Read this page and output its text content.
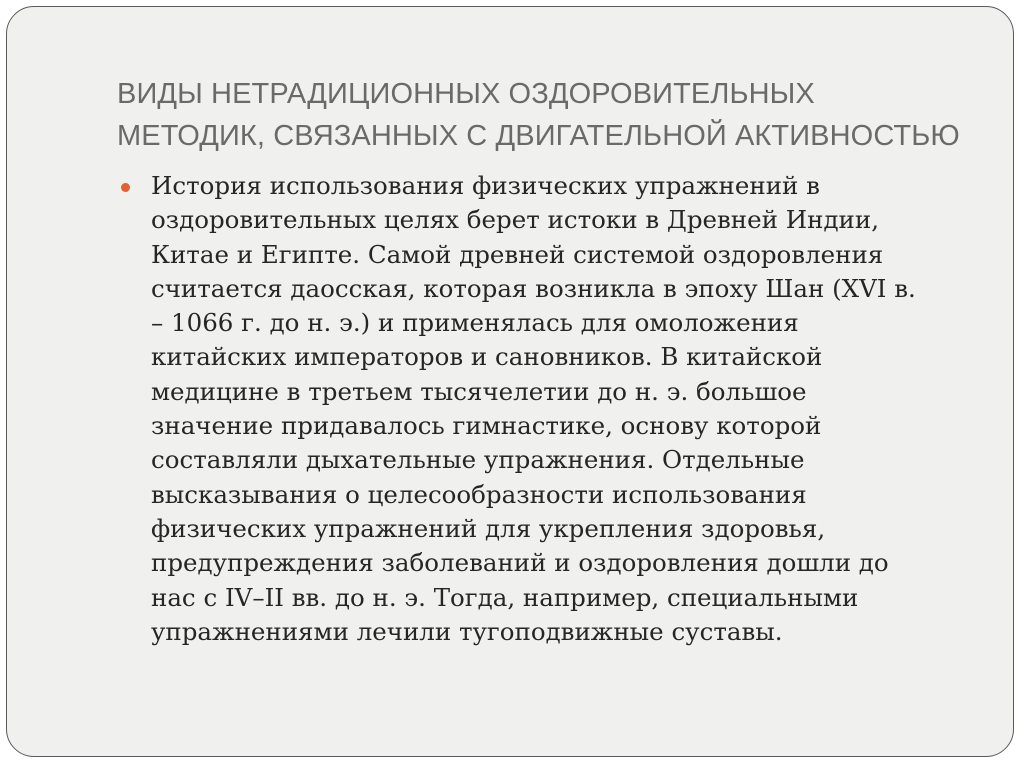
ВИДЫ НЕТРАДИЦИОННЫХ ОЗДОРОВИТЕЛЬНЫХ
МЕТОДИК, СВЯЗАННЫХ С ДВИГАТЕЛЬНОЙ АКТИВНОСТЬЮ
История использования физических упражнений в
оздоровительных целях берет истоки в Древней Индии,
Китае и Египте. Самой древней системой оздоровления
считается даосская, которая возникла в эпоху Шан (XVI в.
– 1066 г. до н. э.) и применялась для омоложения
китайских императоров и сановников. В китайской
медицине в третьем тысячелетии до н. э. большое
значение придавалось гимнастике, основу которой
составляли дыхательные упражнения. Отдельные
высказывания о целесообразности использования
физических упражнений для укрепления здоровья,
предупреждения заболеваний и оздоровления дошли до
нас с IV–II вв. до н. э. Тогда, например, специальными
упражнениями лечили тугоподвижные суставы.
